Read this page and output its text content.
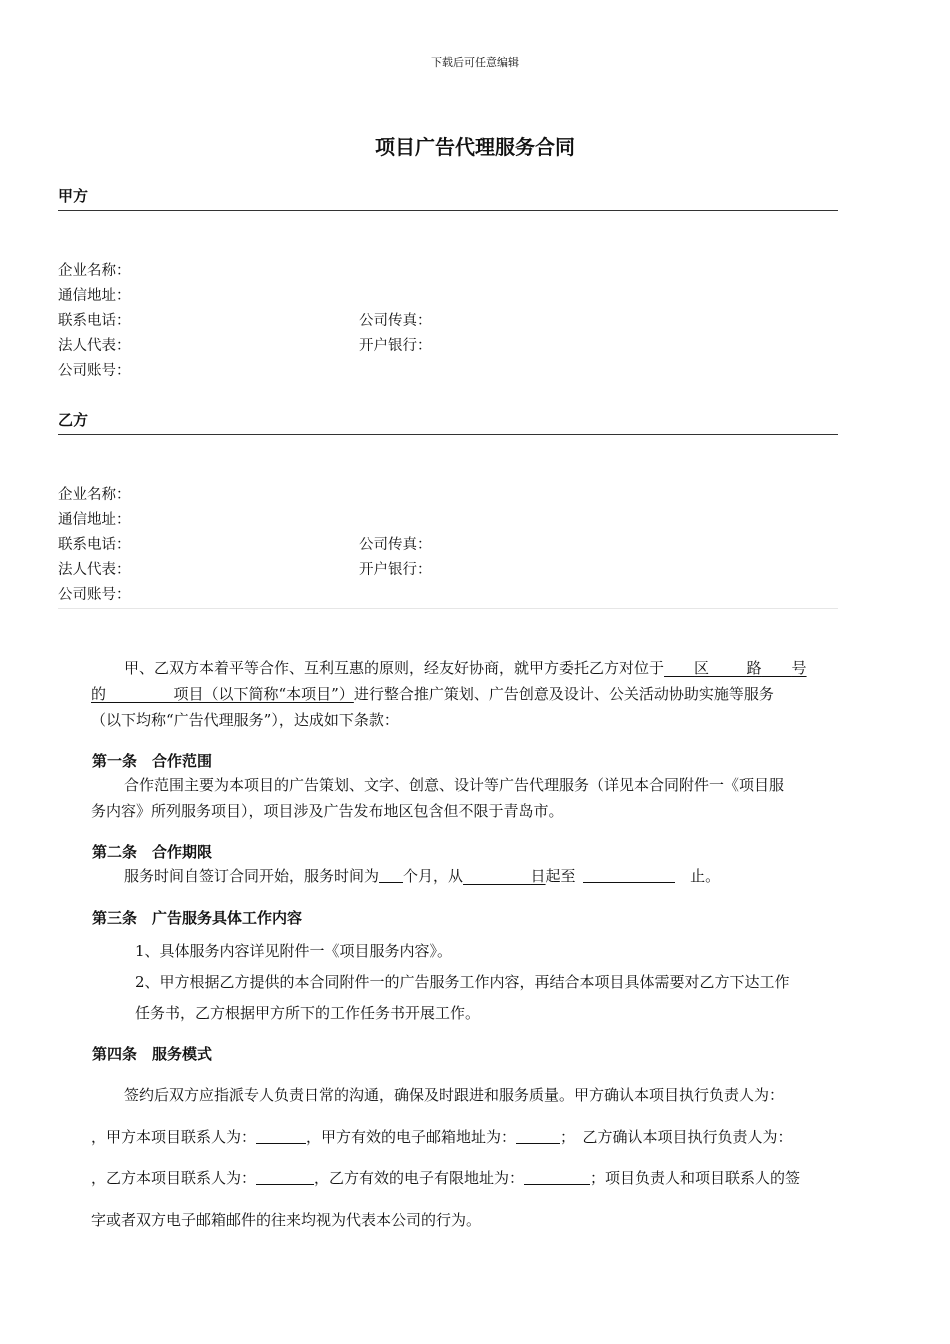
下载后可任意编辑
项目广告代理服务合同
甲方
企业名称：
通信地址：
联系电话：	公司传真：
法人代表：	开户银行：
公司账号：
乙方
企业名称：
通信地址：
联系电话：	公司传真：
法人代表：	开户银行：
公司账号：
甲、乙双方本着平等合作、互利互惠的原则，经友好协商，就甲方委托乙方对位于   区   	路   号
的     	项目（以下简称“本项目”）进行整合推广策划、广告创意及设计、公关活动协助实施等服务
（以下均称“广告代理服务”），达成如下条款：
第一条　合作范围
合作范围主要为本项目的广告策划、文字、创意、设计等广告代理服务（详见本合同附件一《项目服
务内容》所列服务项目），项目涉及广告发布地区包含但不限于青岛市。
第二条　合作期限
服务时间自签订合同开始，服务时间为 个月，从     	日起至   	止。
第三条　广告服务具体工作内容
1、具体服务内容详见附件一《项目服务内容》。
2、甲方根据乙方提供的本合同附件一的广告服务工作内容，再结合本项目具体需要对乙方下达工作
任务书，乙方根据甲方所下的工作任务书开展工作。
第四条　服务模式
签约后双方应指派专人负责日常的沟通，确保及时跟进和服务质量。甲方确认本项目执行负责人为：
，甲方本项目联系人为：	，甲方有效的电子邮箱地址为：	；　乙方确认本项目执行负责人为：
，乙方本项目联系人为：	，乙方有效的电子有限地址为：	；项目负责人和项目联系人的签
字或者双方电子邮箱邮件的往来均视为代表本公司的行为。
